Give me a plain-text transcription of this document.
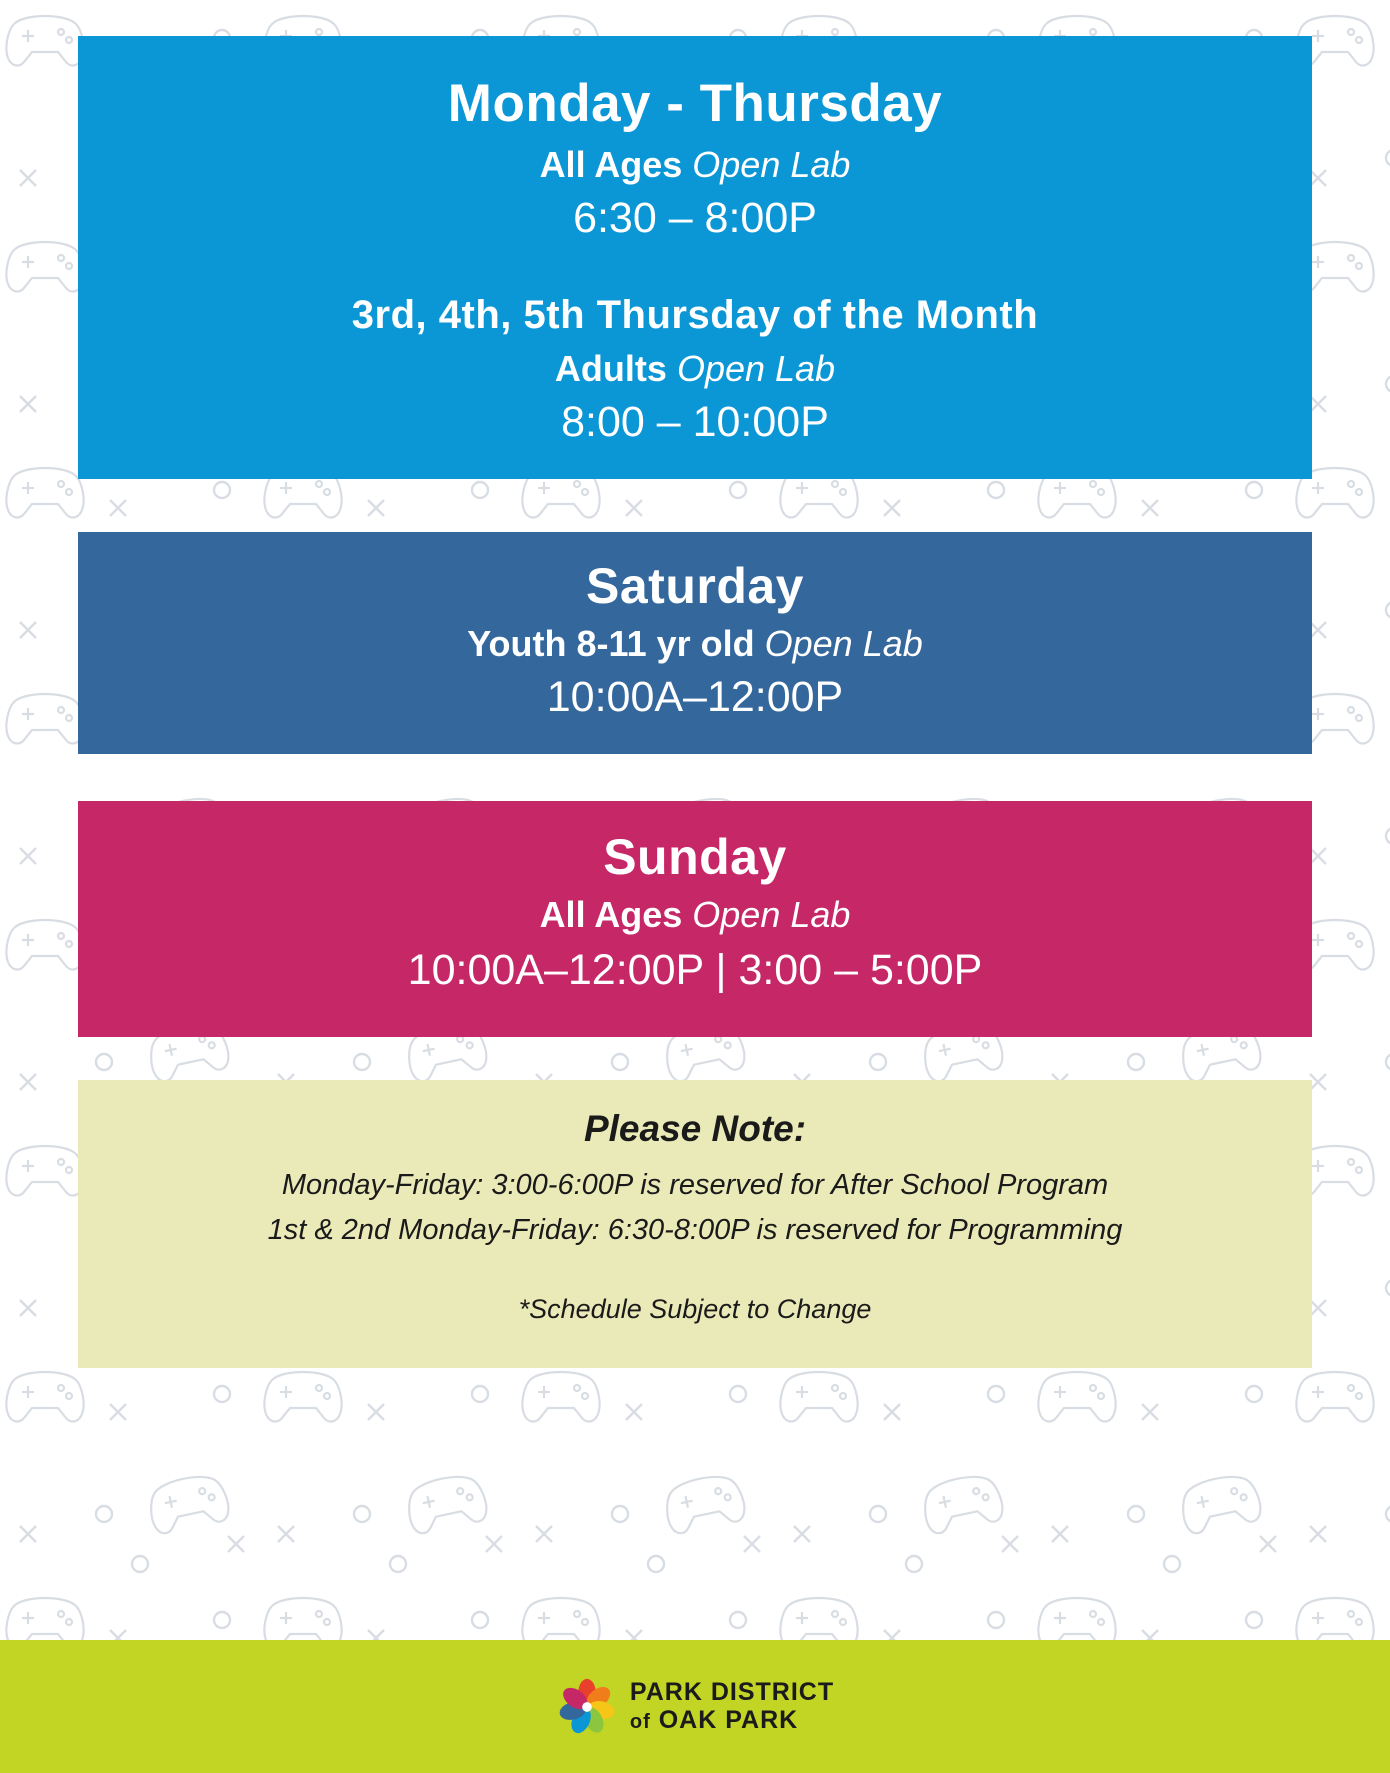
Monday - Thursday
All Ages Open Lab
6:30 – 8:00P
3rd, 4th, 5th Thursday of the Month
Adults Open Lab
8:00 – 10:00P
Saturday
Youth 8-11 yr old Open Lab
10:00A–12:00P
Sunday
All Ages Open Lab
10:00A–12:00P | 3:00 – 5:00P
Please Note:
Monday-Friday: 3:00-6:00P is reserved for After School Program
1st & 2nd Monday-Friday: 6:30-8:00P is reserved for Programming
*Schedule Subject to Change
PARK DISTRICT
of OAK PARK
